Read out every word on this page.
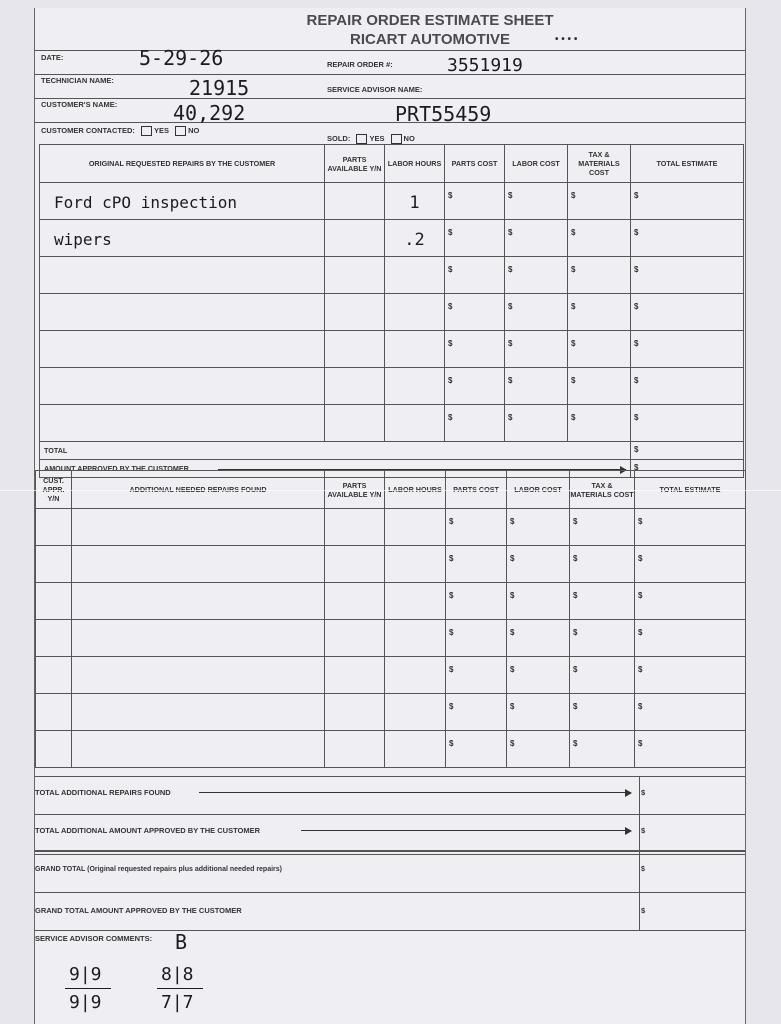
REPAIR ORDER ESTIMATE SHEET
RICART AUTOMOTIVE	• • • •
DATE:	5-29-26	REPAIR ORDER #:	3551919
TECHNICIAN NAME:	21915	SERVICE ADVISOR NAME:
CUSTOMER'S NAME:	40,292	PRT55459
CUSTOMER CONTACTED:	YES	NO
SOLD:	YES	NO
ORIGINAL REQUESTED REPAIRS BY THE CUSTOMER	PARTS AVAILABLE Y/N	LABOR HOURS	PARTS COST	LABOR COST	TAX & MATERIALS COST	TOTAL ESTIMATE
Ford cPO inspection		1	$	$	$	$
wipers		.2	$	$	$	$
			$	$	$	$
			$	$	$	$
			$	$	$	$
			$	$	$	$
			$	$	$	$
TOTAL						$
AMOUNT APPROVED BY THE CUSTOMER						$
CUST. APPR. Y/N	ADDITIONAL NEEDED REPAIRS FOUND	PARTS AVAILABLE Y/N	LABOR HOURS	PARTS COST	LABOR COST	TAX & MATERIALS COST	TOTAL ESTIMATE
				$	$	$	$
				$	$	$	$
				$	$	$	$
				$	$	$	$
				$	$	$	$
				$	$	$	$
				$	$	$	$
TOTAL ADDITIONAL REPAIRS FOUND	$
TOTAL ADDITIONAL AMOUNT APPROVED BY THE CUSTOMER	$
GRAND TOTAL (Original requested repairs plus additional needed repairs)	$
GRAND TOTAL AMOUNT APPROVED BY THE CUSTOMER	$
SERVICE ADVISOR COMMENTS: B
9|9
9|9
8|8
7|7
